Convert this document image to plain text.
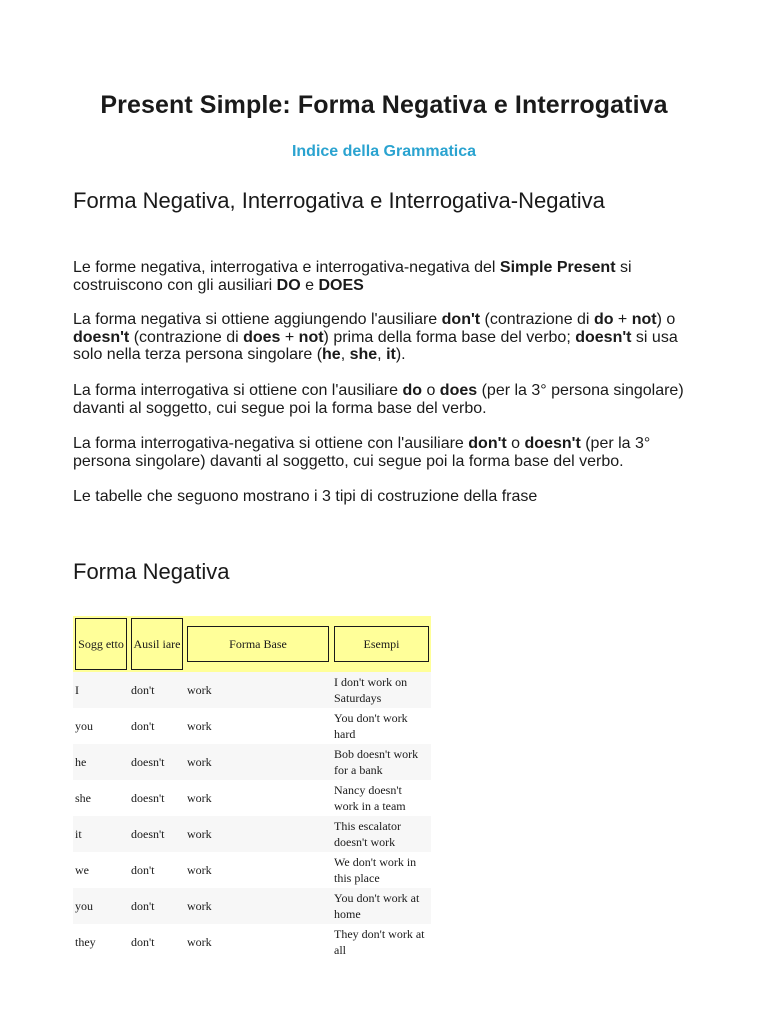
Present Simple: Forma Negativa e Interrogativa
Indice della Grammatica
Forma Negativa, Interrogativa e Interrogativa-Negativa

Le forme negativa, interrogativa e interrogativa-negativa del Simple Present si costruiscono con gli ausiliari DO e DOES

La forma negativa si ottiene aggiungendo l'ausiliare don't (contrazione di do + not) o doesn't (contrazione di does + not) prima della forma base del verbo; doesn't si usa solo nella terza persona singolare (he, she, it).

La forma interrogativa si ottiene con l'ausiliare do o does (per la 3° persona singolare) davanti al soggetto, cui segue poi la forma base del verbo.

La forma interrogativa-negativa si ottiene con l'ausiliare don't o doesn't (per la 3° persona singolare) davanti al soggetto, cui segue poi la forma base del verbo.

Le tabelle che seguono mostrano i 3 tipi di costruzione della frase

Forma Negativa
Sogg etto	Ausil iare	Forma Base	Esempi

I	don't	work	I don't work on Saturdays
you	don't	work	You don't work hard
he	doesn't	work	Bob doesn't work for a bank
she	doesn't	work	Nancy doesn't work in a team
it	doesn't	work	This escalator doesn't work
we	don't	work	We don't work in this place
you	don't	work	You don't work at home
they	don't	work	They don't work at all
